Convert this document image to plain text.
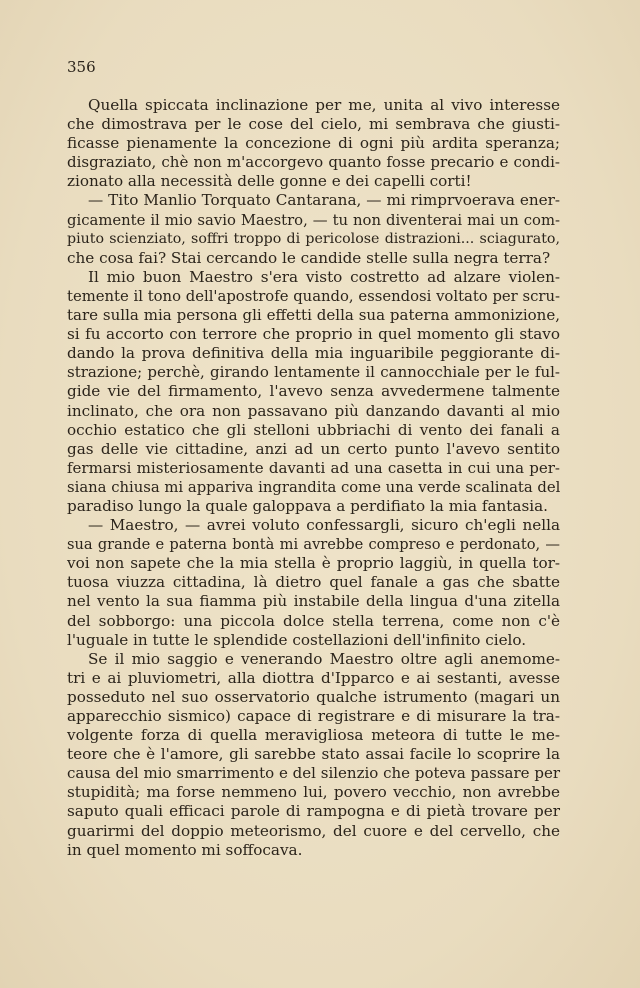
356
Quella spiccata inclinazione per me, unita al vivo interesse
che dimostrava per le cose del cielo, mi sembrava che giusti-
ficasse pienamente la concezione di ogni più ardita speranza;
disgraziato, chè non m'accorgevo quanto fosse precario e condi-
zionato alla necessità delle gonne e dei capelli corti!
— Tito Manlio Torquato Cantarana, — mi rimprvoerava ener-
gicamente il mio savio Maestro, — tu non diventerai mai un com-
piuto scienziato, soffri troppo di pericolose distrazioni... sciagurato,
che cosa fai? Stai cercando le candide stelle sulla negra terra?
Il mio buon Maestro s'era visto costretto ad alzare violen-
temente il tono dell'apostrofe quando, essendosi voltato per scru-
tare sulla mia persona gli effetti della sua paterna ammonizione,
si fu accorto con terrore che proprio in quel momento gli stavo
dando la prova definitiva della mia inguaribile peggiorante di-
strazione; perchè, girando lentamente il cannocchiale per le ful-
gide vie del firmamento, l'avevo senza avvedermene talmente
inclinato, che ora non passavano più danzando davanti al mio
occhio estatico che gli stelloni ubbriachi di vento dei fanali a
gas delle vie cittadine, anzi ad un certo punto l'avevo sentito
fermarsi misteriosamente davanti ad una casetta in cui una per-
siana chiusa mi appariva ingrandita come una verde scalinata del
paradiso lungo la quale galoppava a perdifiato la mia fantasia.
— Maestro, — avrei voluto confessargli, sicuro ch'egli nella
sua grande e paterna bontà mi avrebbe compreso e perdonato, —
voi non sapete che la mia stella è proprio laggiù, in quella tor-
tuosa viuzza cittadina, là dietro quel fanale a gas che sbatte
nel vento la sua fiamma più instabile della lingua d'una zitella
del sobborgo: una piccola dolce stella terrena, come non c'è
l'uguale in tutte le splendide costellazioni dell'infinito cielo.
Se il mio saggio e venerando Maestro oltre agli anemome-
tri e ai pluviometri, alla diottra d'Ipparco e ai sestanti, avesse
posseduto nel suo osservatorio qualche istrumento (magari un
apparecchio sismico) capace di registrare e di misurare la tra-
volgente forza di quella meravigliosa meteora di tutte le me-
teore che è l'amore, gli sarebbe stato assai facile lo scoprire la
causa del mio smarrimento e del silenzio che poteva passare per
stupidità; ma forse nemmeno lui, povero vecchio, non avrebbe
saputo quali efficaci parole di rampogna e di pietà trovare per
guarirmi del doppio meteorismo, del cuore e del cervello, che
in quel momento mi soffocava.
